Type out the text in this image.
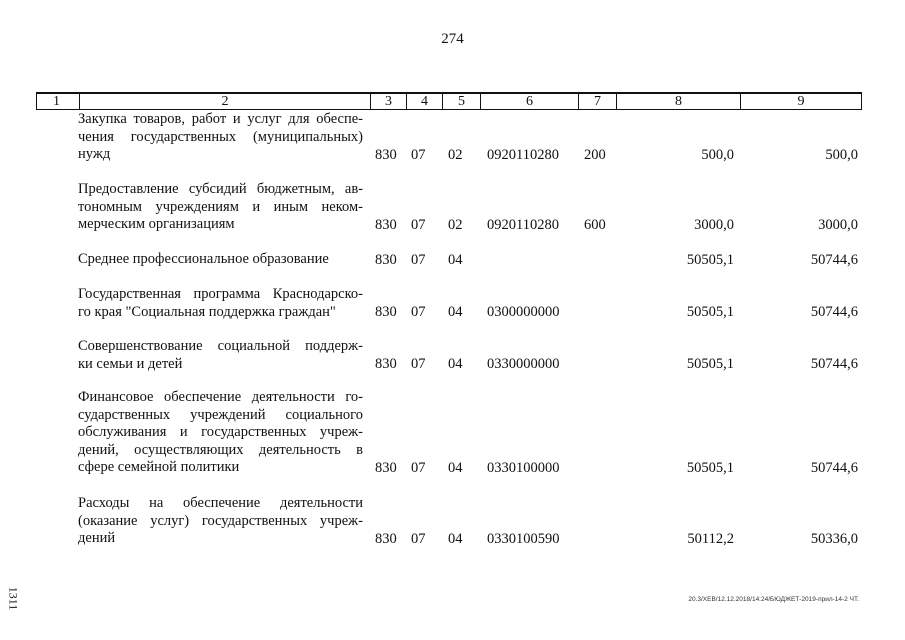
274
1	2	3	4	5	6	7	8	9
Закупка товаров, работ и услуг для обеспе-
чения государственных (муниципальных)
нужд	830 07 02 0920110280 200	500,0	500,0
Предоставление субсидий бюджетным, ав-
тономным учреждениям и иным неком-
мерческим организациям	830 07 02 0920110280 600	3000,0	3000,0
Среднее профессиональное образование	830 07 04	50505,1	50744,6
Государственная программа Краснодарско-
го края "Социальная поддержка граждан"	830 07 04 0300000000	50505,1	50744,6
Совершенствование социальной поддерж-
ки семьи и детей	830 07 04 0330000000	50505,1	50744,6
Финансовое обеспечение деятельности го-
сударственных учреждений социального
обслуживания и государственных учреж-
дений, осуществляющих деятельность в
сфере семейной политики	830 07 04 0330100000	50505,1	50744,6
Расходы на обеспечение деятельности
(оказание услуг) государственных учреж-
дений	830 07 04 0330100590	50112,2	50336,0
1311	20.3/ХЕВ/12.12.2018/14:24/БЮДЖЕТ-2019-прил-14-2 ЧТ.
